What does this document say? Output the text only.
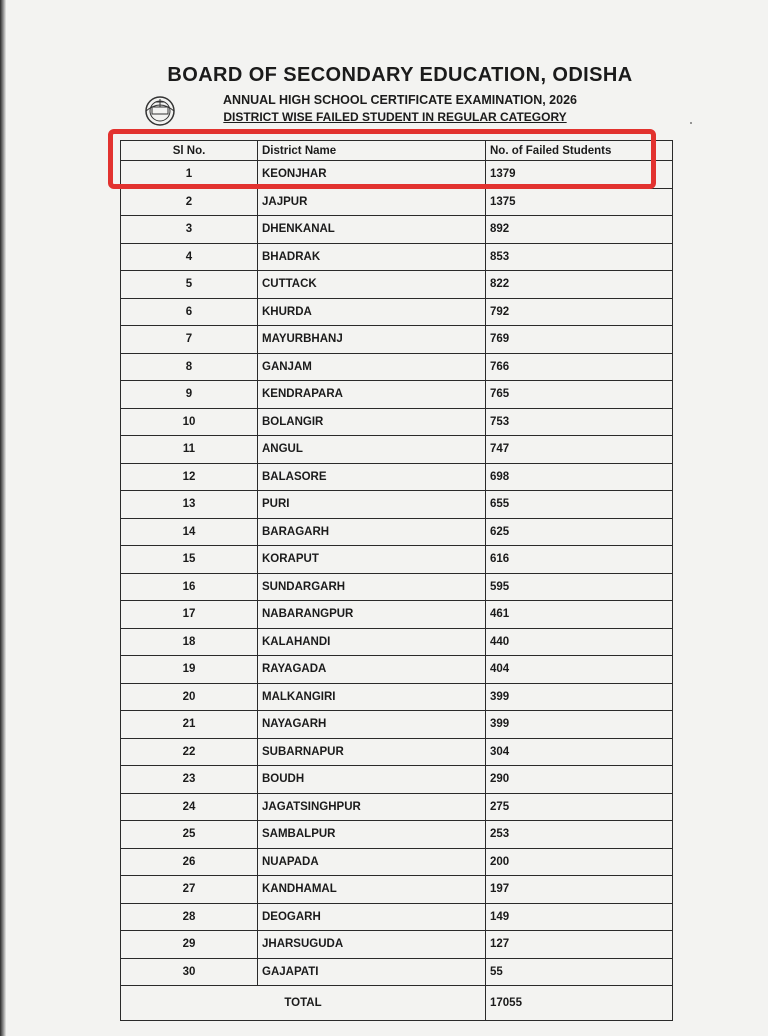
BOARD OF SECONDARY EDUCATION, ODISHA
ANNUAL HIGH SCHOOL CERTIFICATE EXAMINATION, 2026
DISTRICT WISE FAILED STUDENT IN REGULAR CATEGORY
Sl No.	District Name	No. of Failed Students
1	KEONJHAR	1379
2	JAJPUR	1375
3	DHENKANAL	892
4	BHADRAK	853
5	CUTTACK	822
6	KHURDA	792
7	MAYURBHANJ	769
8	GANJAM	766
9	KENDRAPARA	765
10	BOLANGIR	753
11	ANGUL	747
12	BALASORE	698
13	PURI	655
14	BARAGARH	625
15	KORAPUT	616
16	SUNDARGARH	595
17	NABARANGPUR	461
18	KALAHANDI	440
19	RAYAGADA	404
20	MALKANGIRI	399
21	NAYAGARH	399
22	SUBARNAPUR	304
23	BOUDH	290
24	JAGATSINGHPUR	275
25	SAMBALPUR	253
26	NUAPADA	200
27	KANDHAMAL	197
28	DEOGARH	149
29	JHARSUGUDA	127
30	GAJAPATI	55
TOTAL		17055
